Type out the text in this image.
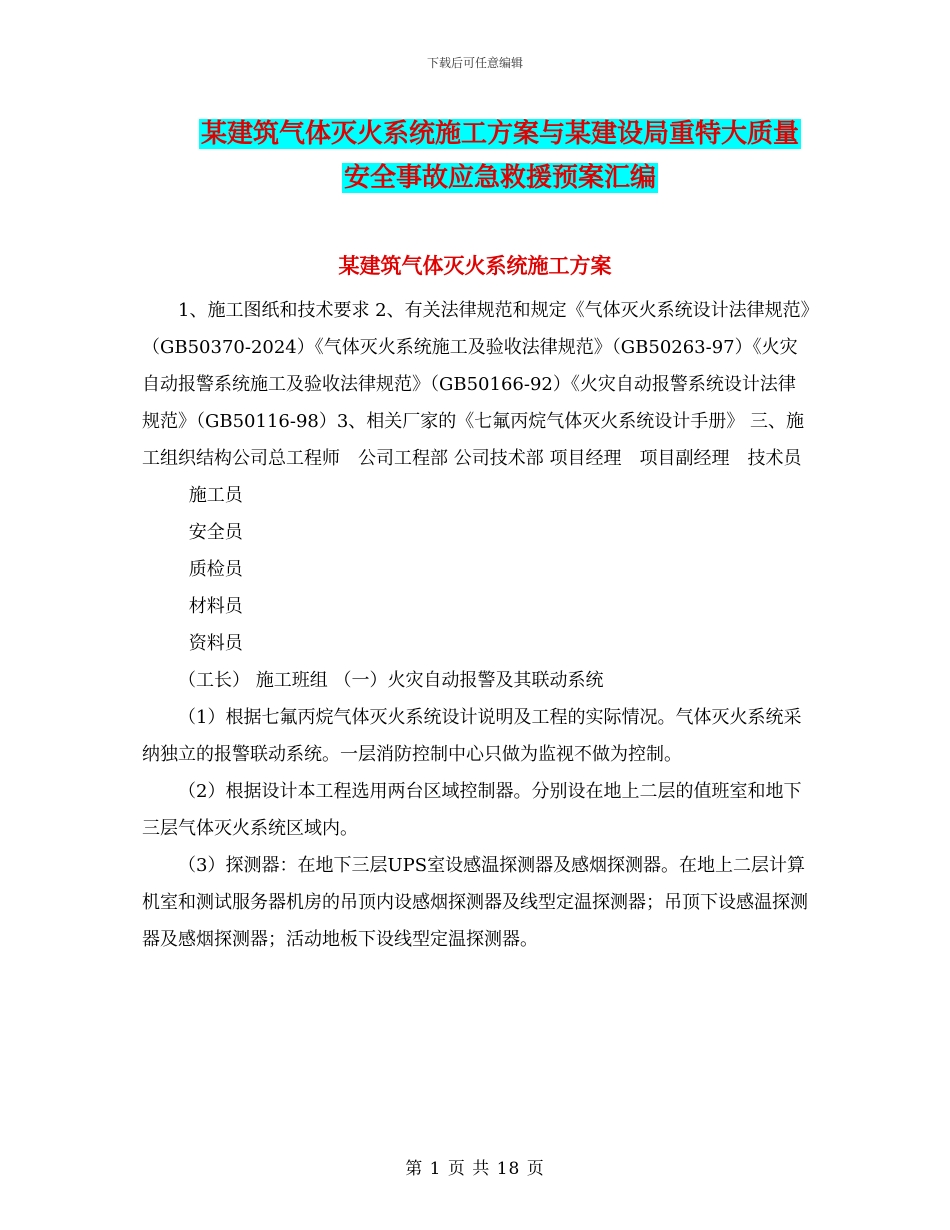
下载后可任意编辑
某建筑气体灭火系统施工方案与某建设局重特大质量
安全事故应急救援预案汇编
某建筑气体灭火系统施工方案

1、施工图纸和技术要求 2、有关法律规范和规定《气体灭火系统设计法律规范》（GB50370-2024）《气体灭火系统施工及验收法律规范》（GB50263-97）《火灾自动报警系统施工及验收法律规范》（GB50166-92）《火灾自动报警系统设计法律规范》（GB50116-98）3、相关厂家的《七氟丙烷气体灭火系统设计手册》 三、施工组织结构公司总工程师　公司工程部 公司技术部 项目经理　项目副经理　技术员

施工员

安全员

质检员

材料员

资料员

（工长） 施工班组 （一）火灾自动报警及其联动系统

（1）根据七氟丙烷气体灭火系统设计说明及工程的实际情况。气体灭火系统采纳独立的报警联动系统。一层消防控制中心只做为监视不做为控制。

（2）根据设计本工程选用两台区域控制器。分别设在地上二层的值班室和地下三层气体灭火系统区域内。

（3）探测器：在地下三层UPS室设感温探测器及感烟探测器。在地上二层计算机室和测试服务器机房的吊顶内设感烟探测器及线型定温探测器；吊顶下设感温探测器及感烟探测器；活动地板下设线型定温探测器。

第 1 页 共 18 页
